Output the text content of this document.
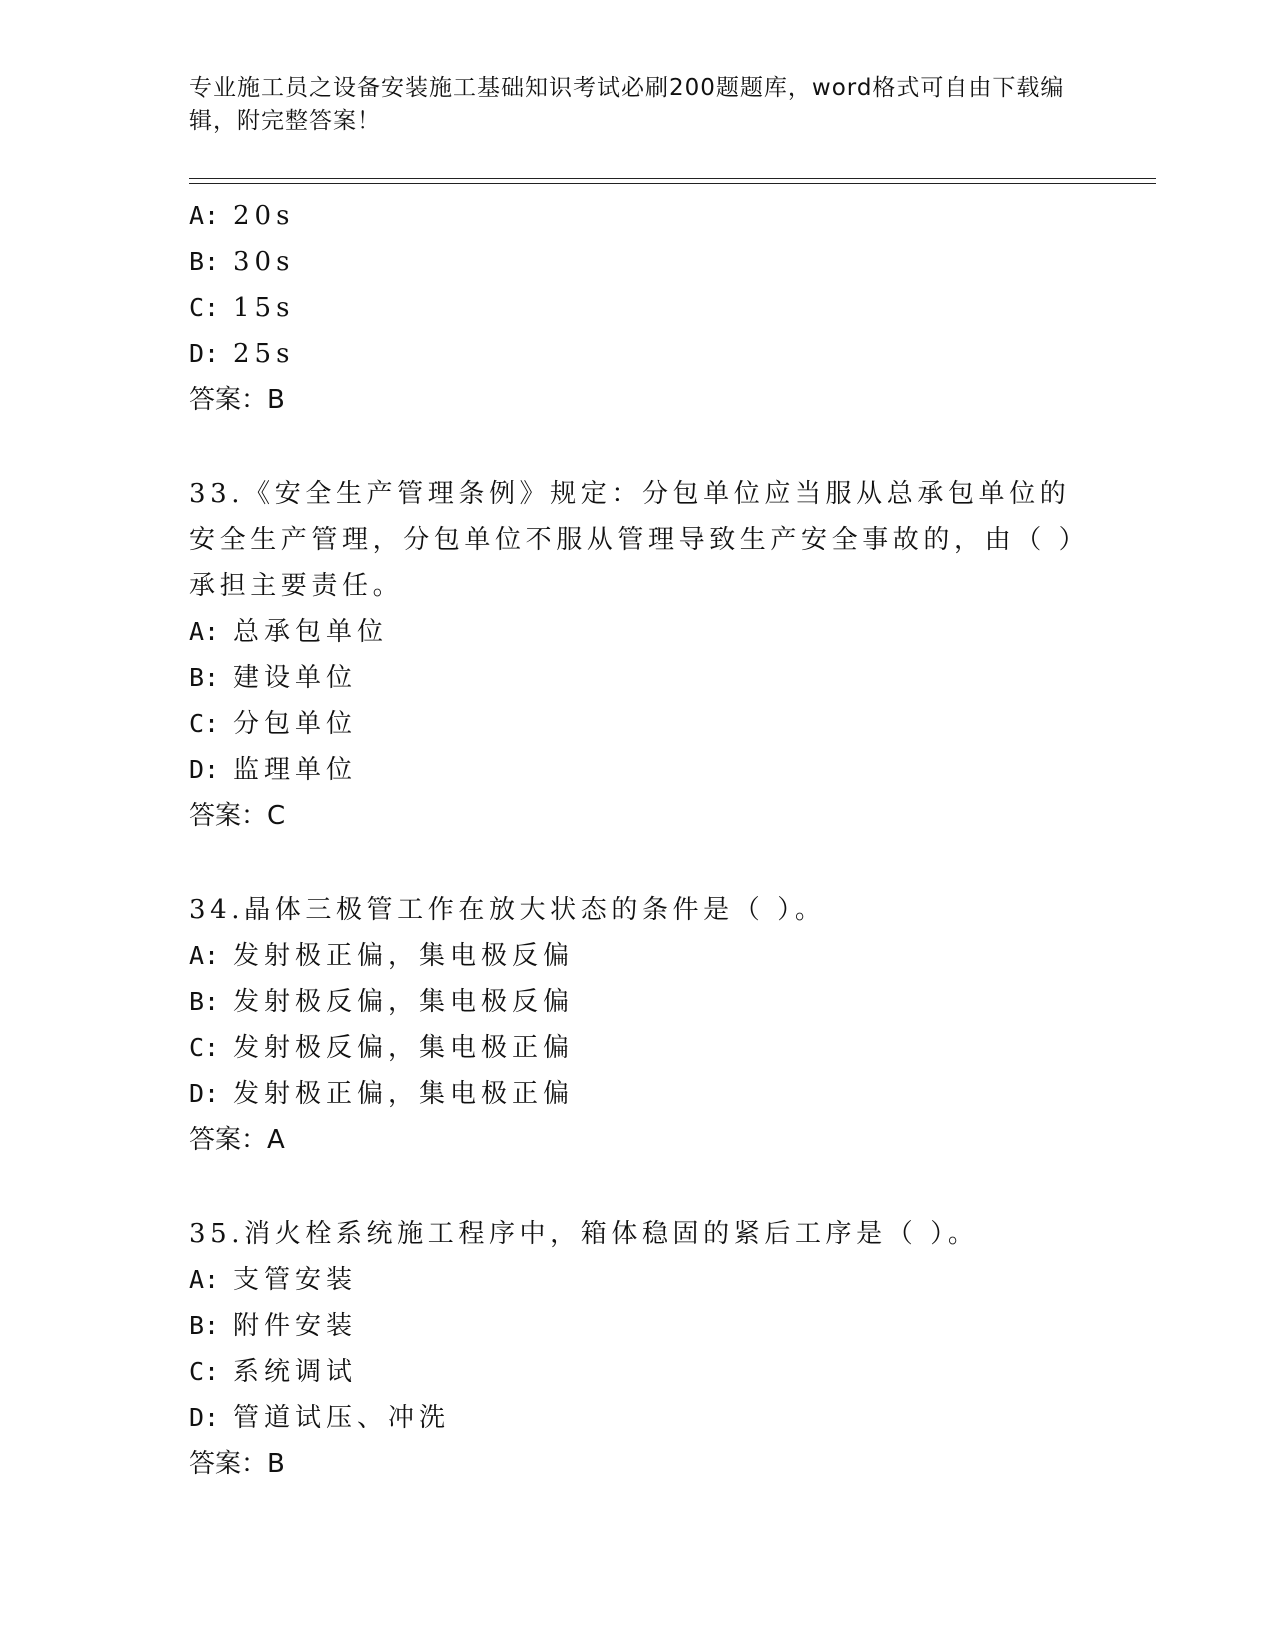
专业施工员之设备安装施工基础知识考试必刷200题题库，word格式可自由下载编辑，附完整答案！
A: 20s
B: 30s
C: 15s
D: 25s
答案：B
33.《安全生产管理条例》规定：分包单位应当服从总承包单位的安全生产管理，分包单位不服从管理导致生产安全事故的，由（ ）承担主要责任。
A: 总承包单位
B: 建设单位
C: 分包单位
D: 监理单位
答案：C
34.晶体三极管工作在放大状态的条件是（ ）。
A: 发射极正偏，集电极反偏
B: 发射极反偏，集电极反偏
C: 发射极反偏，集电极正偏
D: 发射极正偏，集电极正偏
答案：A
35.消火栓系统施工程序中，箱体稳固的紧后工序是（ ）。
A: 支管安装
B: 附件安装
C: 系统调试
D: 管道试压、冲洗
答案：B
